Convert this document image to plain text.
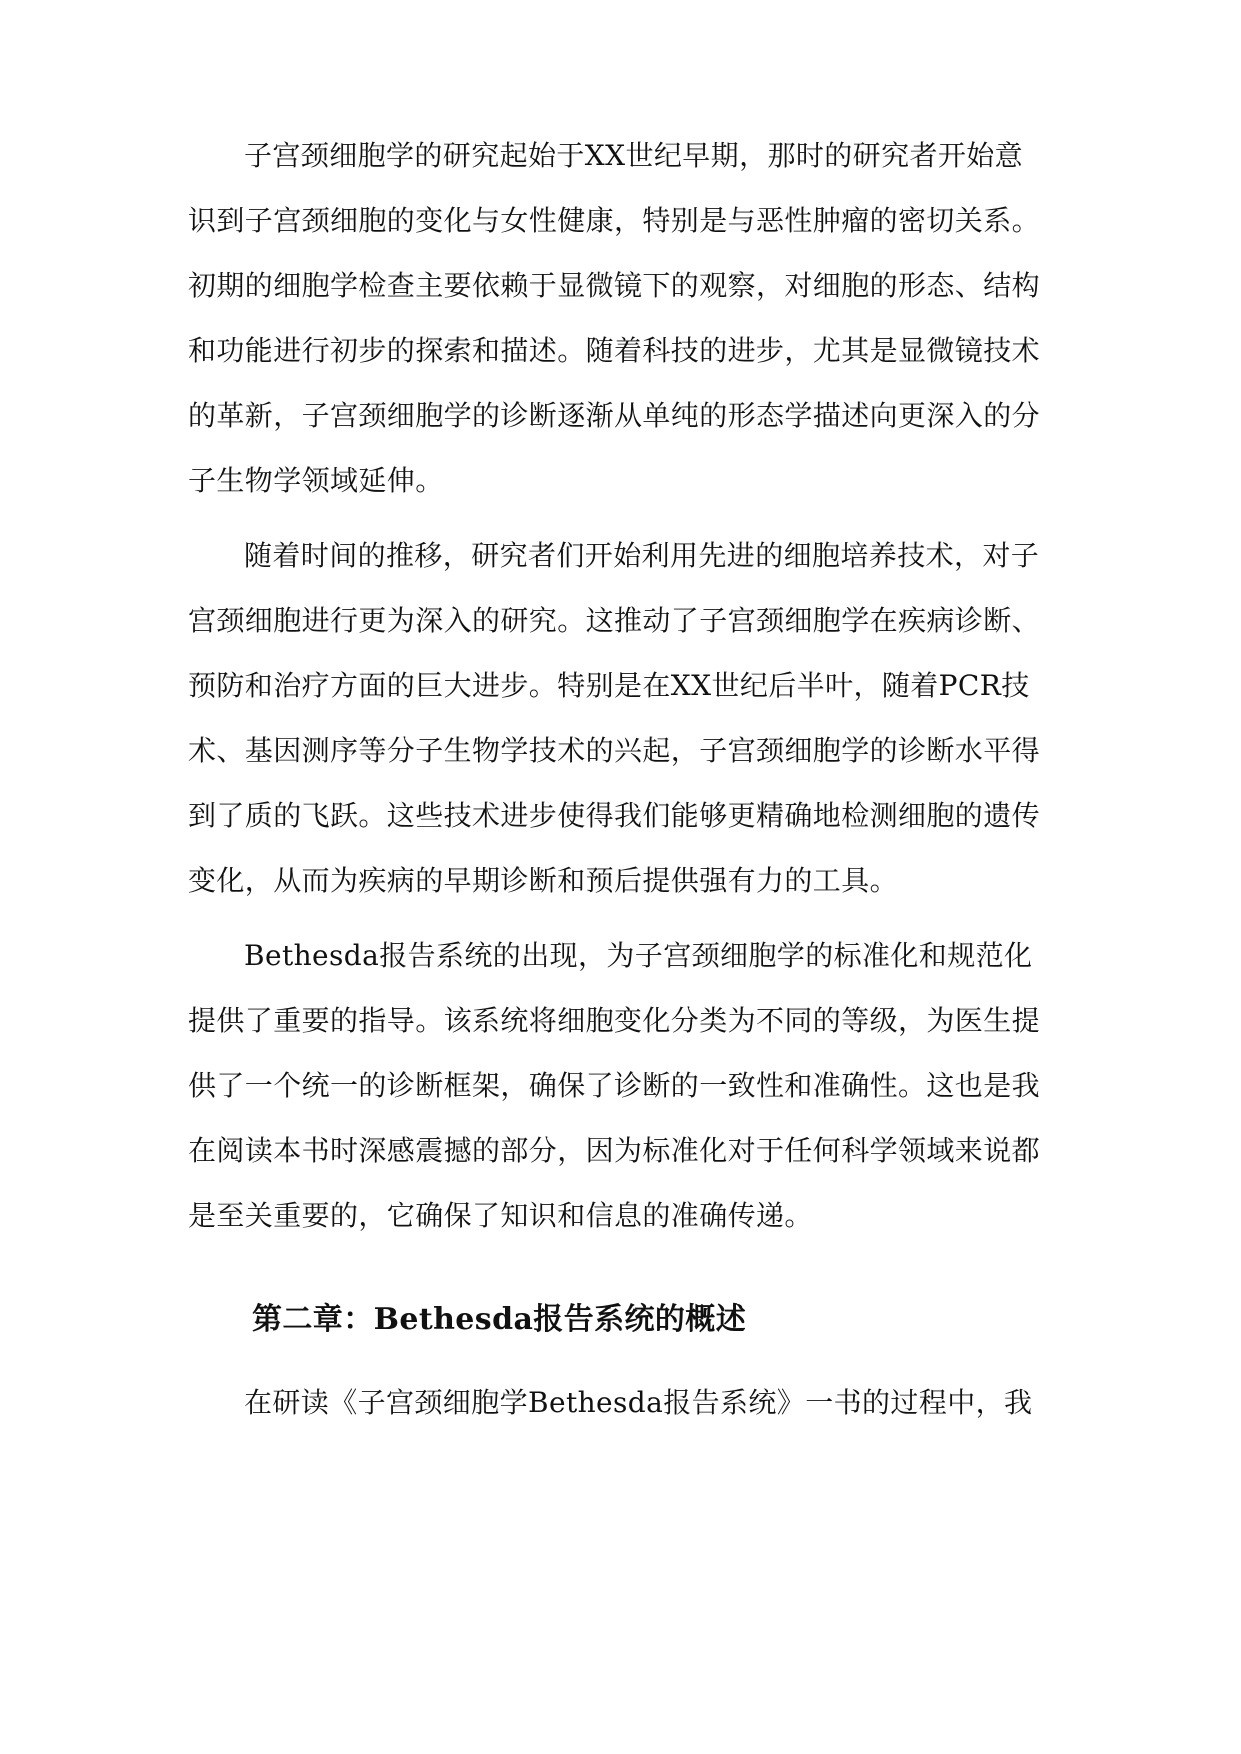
子宫颈细胞学的研究起始于XX世纪早期，那时的研究者开始意
识到子宫颈细胞的变化与女性健康，特别是与恶性肿瘤的密切关系。
初期的细胞学检查主要依赖于显微镜下的观察，对细胞的形态、结构
和功能进行初步的探索和描述。随着科技的进步，尤其是显微镜技术
的革新，子宫颈细胞学的诊断逐渐从单纯的形态学描述向更深入的分
子生物学领域延伸。
随着时间的推移，研究者们开始利用先进的细胞培养技术，对子
宫颈细胞进行更为深入的研究。这推动了子宫颈细胞学在疾病诊断、
预防和治疗方面的巨大进步。特别是在XX世纪后半叶，随着PCR技
术、基因测序等分子生物学技术的兴起，子宫颈细胞学的诊断水平得
到了质的飞跃。这些技术进步使得我们能够更精确地检测细胞的遗传
变化，从而为疾病的早期诊断和预后提供强有力的工具。
Bethesda报告系统的出现，为子宫颈细胞学的标准化和规范化
提供了重要的指导。该系统将细胞变化分类为不同的等级，为医生提
供了一个统一的诊断框架，确保了诊断的一致性和准确性。这也是我
在阅读本书时深感震撼的部分，因为标准化对于任何科学领域来说都
是至关重要的，它确保了知识和信息的准确传递。
第二章：Bethesda报告系统的概述
在研读《子宫颈细胞学Bethesda报告系统》一书的过程中，我
